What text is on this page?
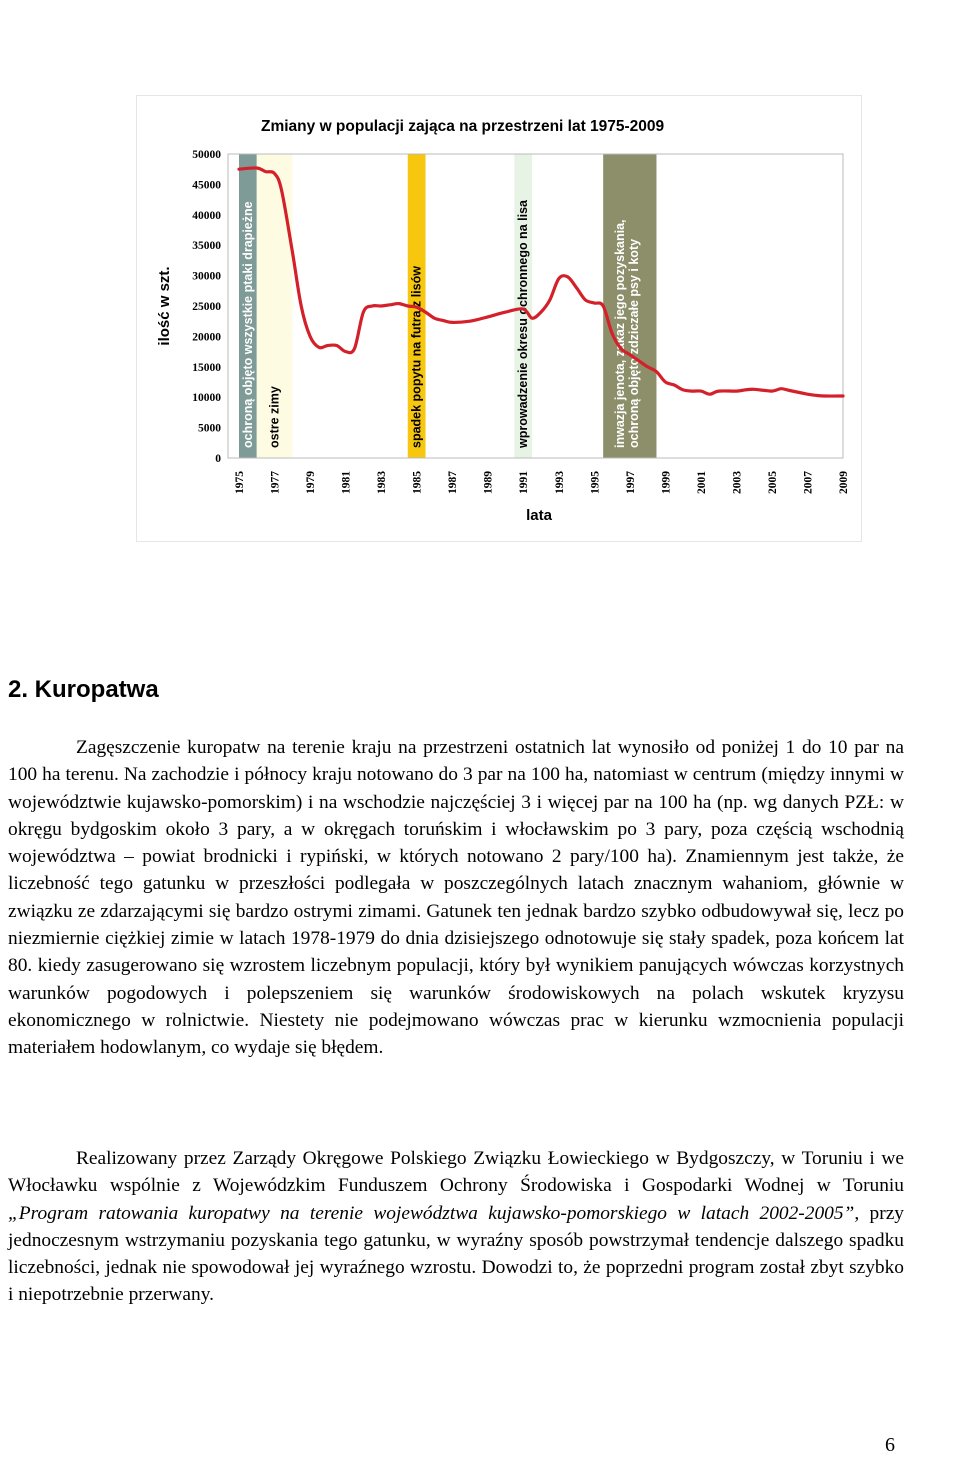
Zmiany w populacji zająca na przestrzeni lat 1975-2009
ilość w szt.
lata
0
5000
10000
15000
20000
25000
30000
35000
40000
45000
50000
1975 1977 1979 1981 1983 1985 1987 1989 1991 1993 1995 1997 1999 2001 2003 2005 2007 2009
ochroną objęto wszystkie ptaki drapieżne ostre zimy	spadek popytu na futra z lisów	wprowadzenie okresu ochronnego na lisa	inwazja jenota, zakaz jego pozyskania,ochroną objęto zdziczałe psy i koty
2. Kuropatwa

Zagęszczenie kuropatw na terenie kraju na przestrzeni ostatnich lat wynosiło od poniżej 1 do 10 par na 100 ha terenu. Na zachodzie i północy kraju notowano do 3 par na 100 ha, natomiast w centrum (między innymi w województwie kujawsko-pomorskim) i na wschodzie najczęściej 3 i więcej par na 100 ha (np. wg danych PZŁ: w okręgu bydgoskim około 3 pary, a w okręgach toruńskim i włocławskim po 3 pary, poza częścią wschodnią województwa – powiat brodnicki i rypiński, w których notowano 2 pary/100 ha). Znamiennym jest także, że liczebność tego gatunku w przeszłości podlegała w poszczególnych latach znacznym wahaniom, głównie w związku ze zdarzającymi się bardzo ostrymi zimami. Gatunek ten jednak bardzo szybko odbudowywał się, lecz po niezmiernie ciężkiej zimie w latach 1978-1979 do dnia dzisiejszego odnotowuje się stały spadek, poza końcem lat 80. kiedy zasugerowano się wzrostem liczebnym populacji, który był wynikiem panujących wówczas korzystnych warunków pogodowych i polepszeniem się warunków środowiskowych na polach wskutek kryzysu ekonomicznego w rolnictwie. Niestety nie podejmowano wówczas prac w kierunku wzmocnienia populacji materiałem hodowlanym, co wydaje się błędem.

Realizowany przez Zarządy Okręgowe Polskiego Związku Łowieckiego w Bydgoszczy, w Toruniu i we Włocławku wspólnie z Wojewódzkim Funduszem Ochrony Środowiska i Gospodarki Wodnej w Toruniu „Program ratowania kuropatwy na terenie województwa kujawsko-pomorskiego w latach 2002-2005”, przy jednoczesnym wstrzymaniu pozyskania tego gatunku, w wyraźny sposób powstrzymał tendencje dalszego spadku liczebności, jednak nie spowodował jej wyraźnego wzrostu. Dowodzi to, że poprzedni program został zbyt szybko i niepotrzebnie przerwany.

6
